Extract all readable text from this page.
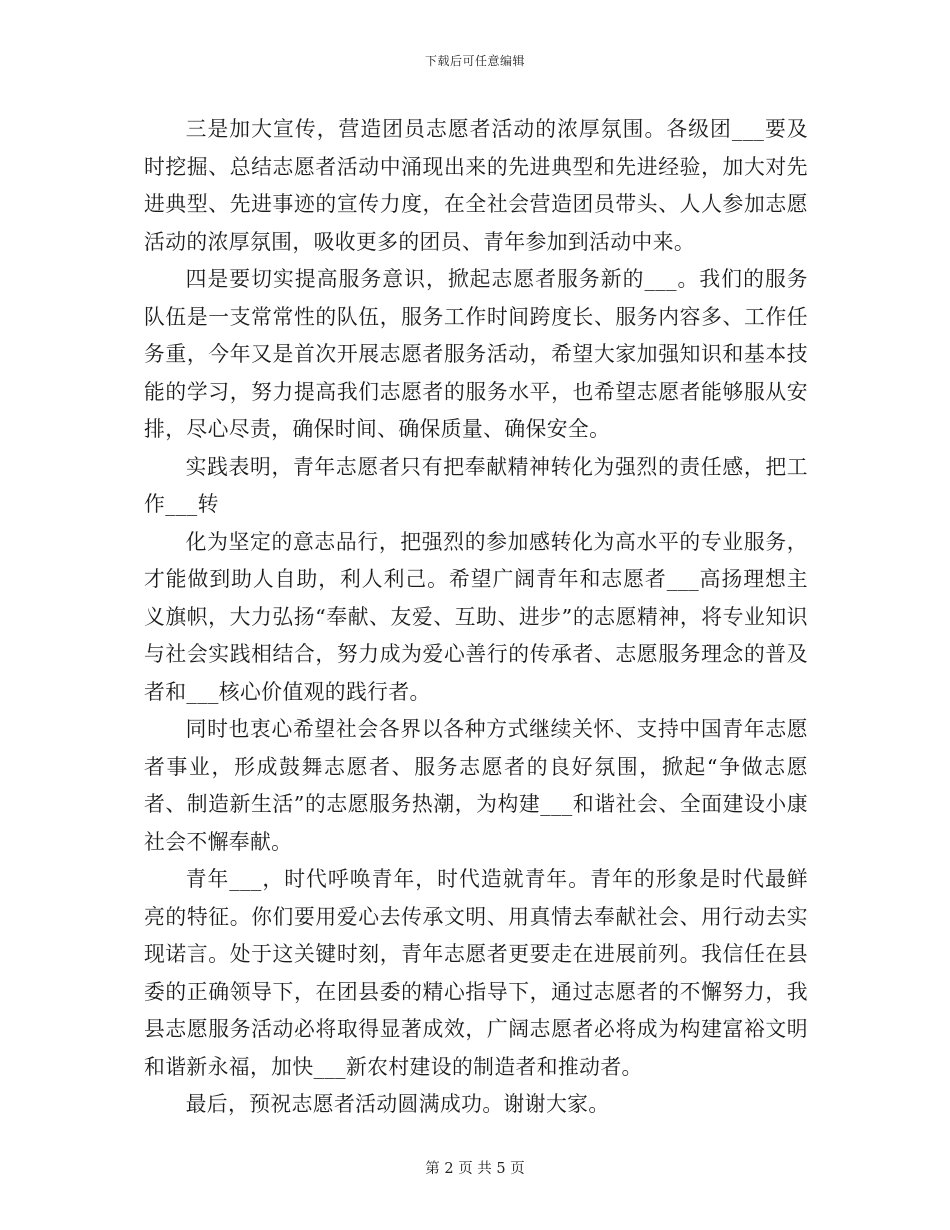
下载后可任意编辑

三是加大宣传，营造团员志愿者活动的浓厚氛围。各级团___要及时挖掘、总结志愿者活动中涌现出来的先进典型和先进经验，加大对先进典型、先进事迹的宣传力度，在全社会营造团员带头、人人参加志愿活动的浓厚氛围，吸收更多的团员、青年参加到活动中来。

四是要切实提高服务意识，掀起志愿者服务新的___。我们的服务队伍是一支常常性的队伍，服务工作时间跨度长、服务内容多、工作任务重，今年又是首次开展志愿者服务活动，希望大家加强知识和基本技能的学习，努力提高我们志愿者的服务水平，也希望志愿者能够服从安排，尽心尽责，确保时间、确保质量、确保安全。

实践表明，青年志愿者只有把奉献精神转化为强烈的责任感，把工作___转

化为坚定的意志品行，把强烈的参加感转化为高水平的专业服务，才能做到助人自助，利人利己。希望广阔青年和志愿者___高扬理想主义旗帜，大力弘扬“奉献、友爱、互助、进步”的志愿精神，将专业知识与社会实践相结合，努力成为爱心善行的传承者、志愿服务理念的普及者和___核心价值观的践行者。

同时也衷心希望社会各界以各种方式继续关怀、支持中国青年志愿者事业，形成鼓舞志愿者、服务志愿者的良好氛围，掀起“争做志愿者、制造新生活”的志愿服务热潮，为构建___和谐社会、全面建设小康社会不懈奉献。

青年___，时代呼唤青年，时代造就青年。青年的形象是时代最鲜亮的特征。你们要用爱心去传承文明、用真情去奉献社会、用行动去实现诺言。处于这关键时刻，青年志愿者更要走在进展前列。我信任在县委的正确领导下，在团县委的精心指导下，通过志愿者的不懈努力，我县志愿服务活动必将取得显著成效，广阔志愿者必将成为构建富裕文明和谐新永福，加快___新农村建设的制造者和推动者。

最后，预祝志愿者活动圆满成功。谢谢大家。

第 2 页 共 5 页
